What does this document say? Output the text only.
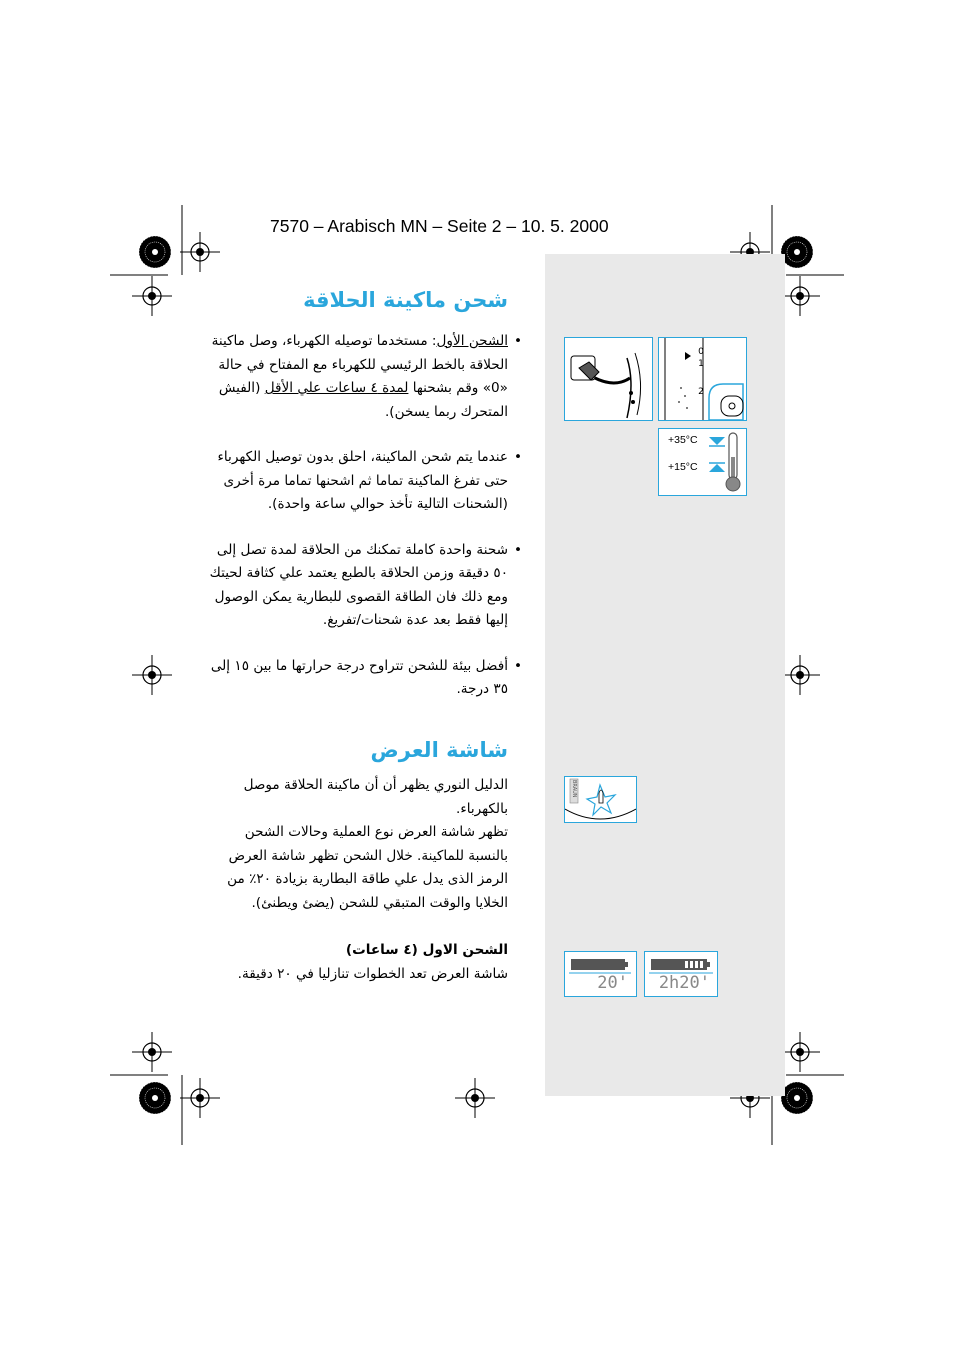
7570 – Arabisch MN – Seite 2 – 10. 5. 2000
شحن ماكينة الحلاقة
•
الشحن الأول: مستخدما توصيله الكهرباء، وصل ماكينة الحلاقة بالخط الرئيسي للكهرباء مع المفتاح في حالة «0» وقم بشحنها لمدة ٤ ساعات علي الأقل (الفيش المتحرك ربما يسخن).
•
عندما يتم شحن الماكينة، احلق بدون توصيل الكهرباء حتى تفرغ الماكينة تماما ثم اشحنها تماما مرة أخرى (الشحنات التالية تأخذ حوالي ساعة واحدة).
•
شحنة واحدة كاملة تمكنك من الحلاقة لمدة تصل إلى ٥٠ دقيقة وزمن الحلاقة بالطبع يعتمد علي كثافة لحيتك ومع ذلك فان الطاقة القصوى للبطارية يمكن الوصول إليها فقط بعد عدة شحنات/تفريغ.
•
أفضل بيئة للشحن تتراوح درجة حرارتها ما بين ١٥ إلى ٣٥ درجة.
شاشة العرض

الدليل النوري يظهر أن أن ماكينة الحلاقة موصل بالكهرباء.

تظهر شاشة العرض نوع العملية وحالات الشحن بالنسبة للماكينة. خلال الشحن تظهر شاشة العرض الرمز الذى يدل علي طاقة البطارية بزيادة ٢٠٪ من الخلايا والوقت المتبقي للشحن (يضئ ويطنئ).

الشحن الاول (٤ ساعات)

شاشة العرض تعد الخطوات تنازليا في ٢٠ دقيقة.

0
1
2
+35°C
+15°C
BRAUN
20' 2h20'
